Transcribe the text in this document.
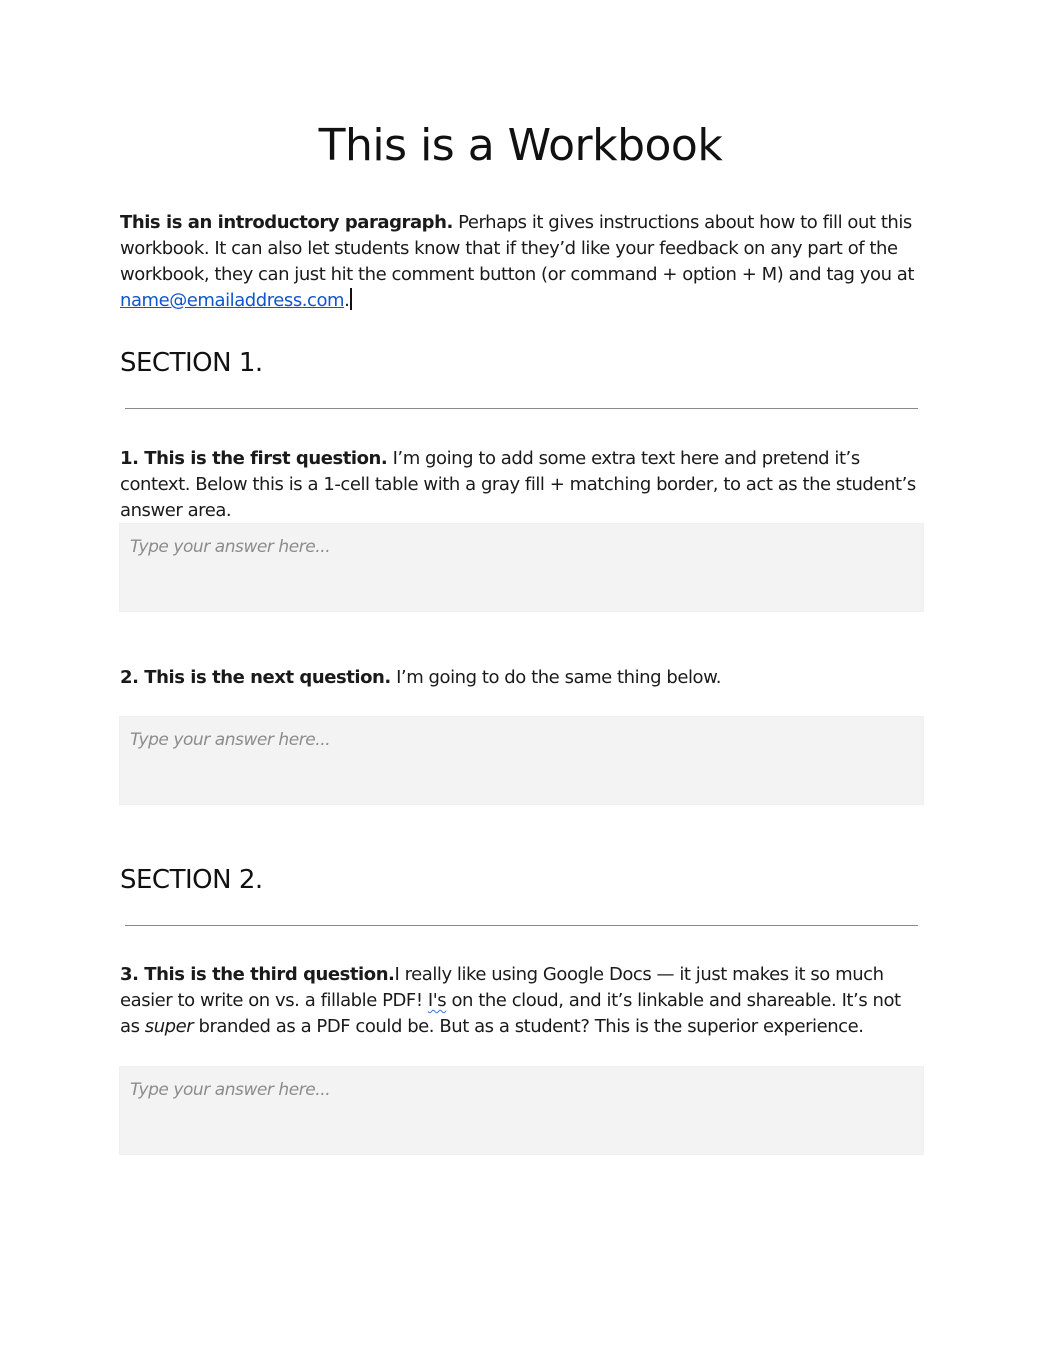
This is a Workbook
This is an introductory paragraph. Perhaps it gives instructions about how to fill out this workbook. It can also let students know that if they’d like your feedback on any part of the workbook, they can just hit the comment button (or command + option + M) and tag you at name@emailaddress.com.
SECTION 1.
1. This is the first question. I’m going to add some extra text here and pretend it’s context. Below this is a 1-cell table with a gray fill + matching border, to act as the student’s answer area.
Type your answer here...
2. This is the next question. I’m going to do the same thing below.
Type your answer here...
SECTION 2.
3. This is the third question.I really like using Google Docs — it just makes it so much easier to write on vs. a fillable PDF! I's on the cloud, and it’s linkable and shareable. It’s not as super branded as a PDF could be. But as a student? This is the superior experience.
Type your answer here...
